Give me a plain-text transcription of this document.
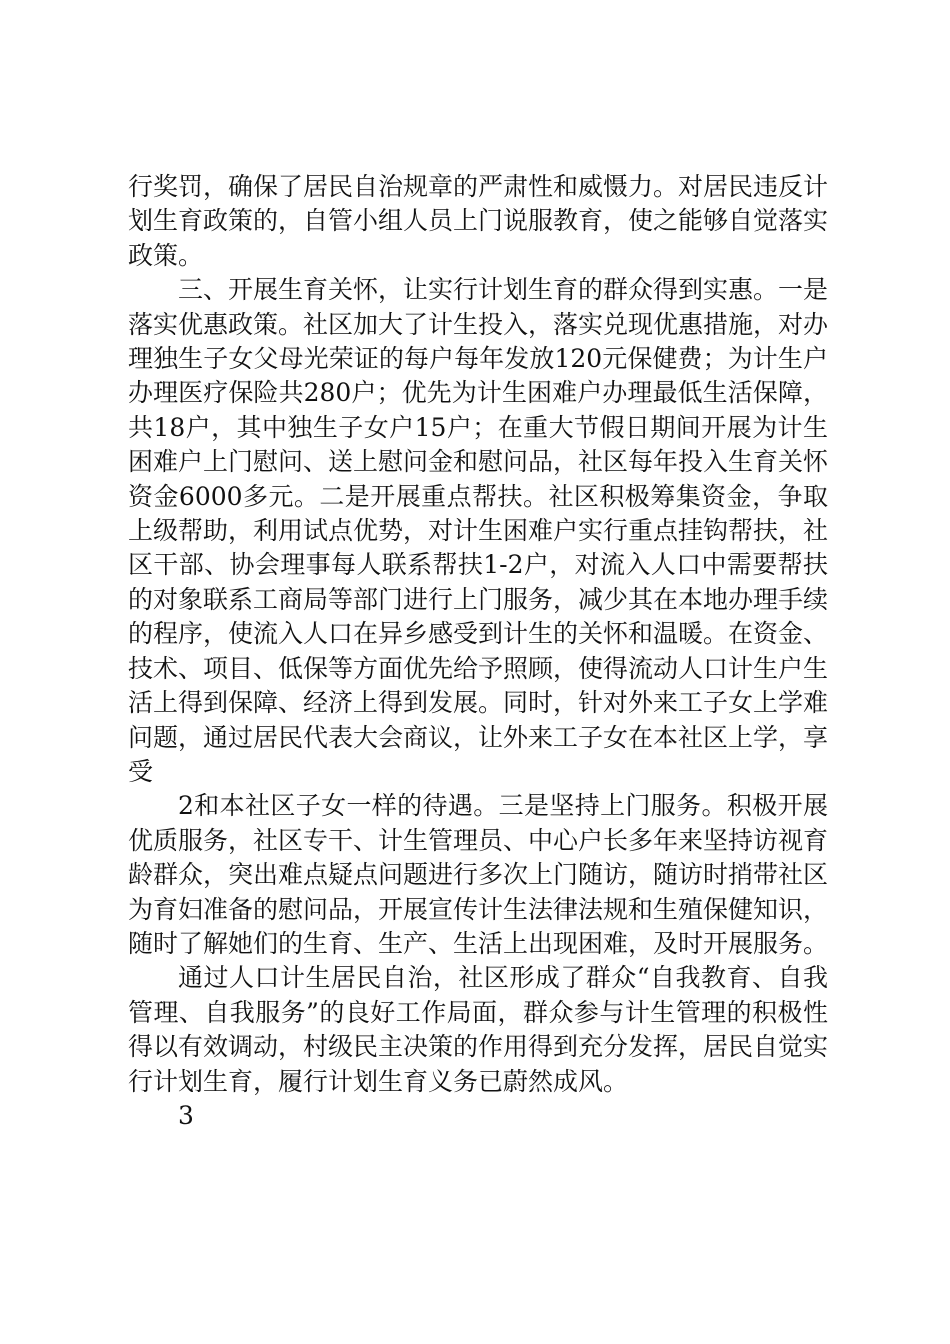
行奖罚，确保了居民自治规章的严肃性和威慑力。对居民违反计划生育政策的，自管小组人员上门说服教育，使之能够自觉落实政策。

三、开展生育关怀，让实行计划生育的群众得到实惠。一是落实优惠政策。社区加大了计生投入，落实兑现优惠措施，对办理独生子女父母光荣证的每户每年发放120元保健费；为计生户办理医疗保险共280户；优先为计生困难户办理最低生活保障，共18户，其中独生子女户15户；在重大节假日期间开展为计生困难户上门慰问、送上慰问金和慰问品，社区每年投入生育关怀资金6000多元。二是开展重点帮扶。社区积极筹集资金，争取上级帮助，利用试点优势，对计生困难户实行重点挂钩帮扶，社区干部、协会理事每人联系帮扶1-2户，对流入人口中需要帮扶的对象联系工商局等部门进行上门服务，减少其在本地办理手续的程序，使流入人口在异乡感受到计生的关怀和温暖。在资金、技术、项目、低保等方面优先给予照顾，使得流动人口计生户生活上得到保障、经济上得到发展。同时，针对外来工子女上学难问题，通过居民代表大会商议，让外来工子女在本社区上学，享受

2和本社区子女一样的待遇。三是坚持上门服务。积极开展优质服务，社区专干、计生管理员、中心户长多年来坚持访视育龄群众，突出难点疑点问题进行多次上门随访，随访时捎带社区为育妇准备的慰问品，开展宣传计生法律法规和生殖保健知识，随时了解她们的生育、生产、生活上出现困难，及时开展服务。

通过人口计生居民自治，社区形成了群众“自我教育、自我管理、自我服务”的良好工作局面，群众参与计生管理的积极性得以有效调动，村级民主决策的作用得到充分发挥，居民自觉实行计划生育，履行计划生育义务已蔚然成风。

3
